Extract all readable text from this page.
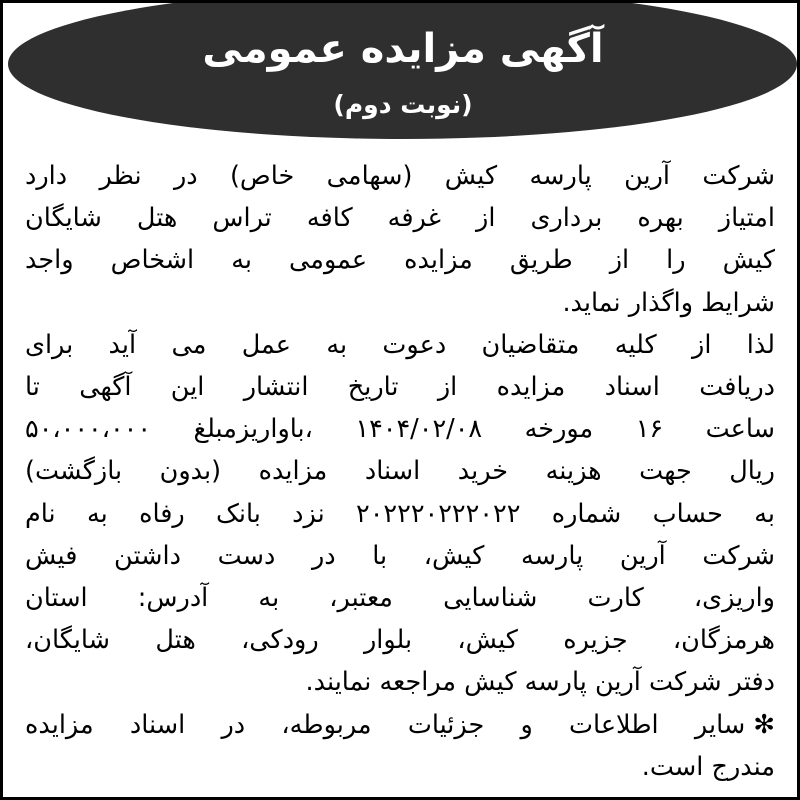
آگهی مزایده عمومی
(نوبت دوم)
شرکت آرین پارسه کیش (سهامی خاص) در نظر دارد
امتیاز بهره برداری از غرفه کافه تراس هتل شایگان
کیش را از طریق مزایده عمومی به اشخاص واجد
شرایط واگذار نماید.
لذا از کلیه متقاضیان دعوت به عمل می آید برای
دریافت اسناد مزایده از تاریخ انتشار این آگهی تا
ساعت ۱۶ مورخه ۱۴۰۴/۰۲/۰۸ ،باواریزمبلغ ۵۰،۰۰۰،۰۰۰
ریال جهت هزینه خرید اسناد مزایده (بدون بازگشت)
به حساب شماره ۲۰۲۲۲۰۲۲۲۰۲۲ نزد بانک رفاه به نام
شرکت آرین پارسه کیش، با در دست داشتن فیش
واریزی، کارت شناسایی معتبر، به آدرس: استان
هرمزگان، جزیره کیش، بلوار رودکی، هتل شایگان،
دفتر شرکت آرین پارسه کیش مراجعه نمایند.
✻
سایر اطلاعات و جزئیات مربوطه، در اسناد مزایده
مندرج است.
